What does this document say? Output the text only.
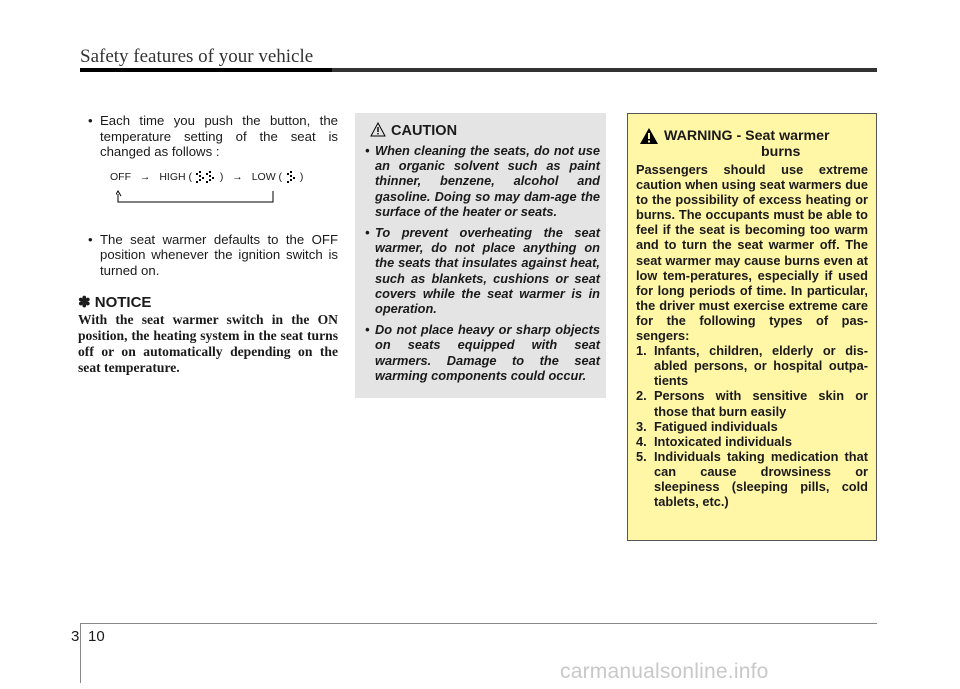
Safety features of your vehicle
• Each time you push the button, the temperature setting of the seat is changed as follows :
OFF → HIGH (	) → LOW ( )
• The seat warmer defaults to the OFF position whenever the ignition switch is turned on.
✽ NOTICE
With the seat warmer switch in the ON position, the heating system in the seat turns off or on automatically depending on the seat temperature.
CAUTION
• When cleaning the seats, do not use an organic solvent such as paint thinner, benzene, alcohol and gasoline. Doing so may dam-age the surface of the heater or seats.
• To prevent overheating the seat warmer, do not place anything on the seats that insulates against heat, such as blankets, cushions or seat covers while the seat warmer is in operation.
• Do not place heavy or sharp objects on seats equipped with seat warmers. Damage to the seat warming components could occur.
WARNING - Seat warmer
burns
Passengers should use extreme caution when using seat warmers due to the possibility of excess heating or burns. The occupants must be able to feel if the seat is becoming too warm and to turn the seat warmer off. The seat warmer may cause burns even at low tem-peratures, especially if used for long periods of time. In particular, the driver must exercise extreme care for the following types of pas-sengers:
1. Infants, children, elderly or dis-abled persons, or hospital outpa-tients
2. Persons with sensitive skin or those that burn easily
3. Fatigued individuals
4. Intoxicated individuals
5. Individuals taking medication that can cause drowsiness or sleepiness (sleeping pills, cold tablets, etc.)
3 10
carmanualsonline.info
